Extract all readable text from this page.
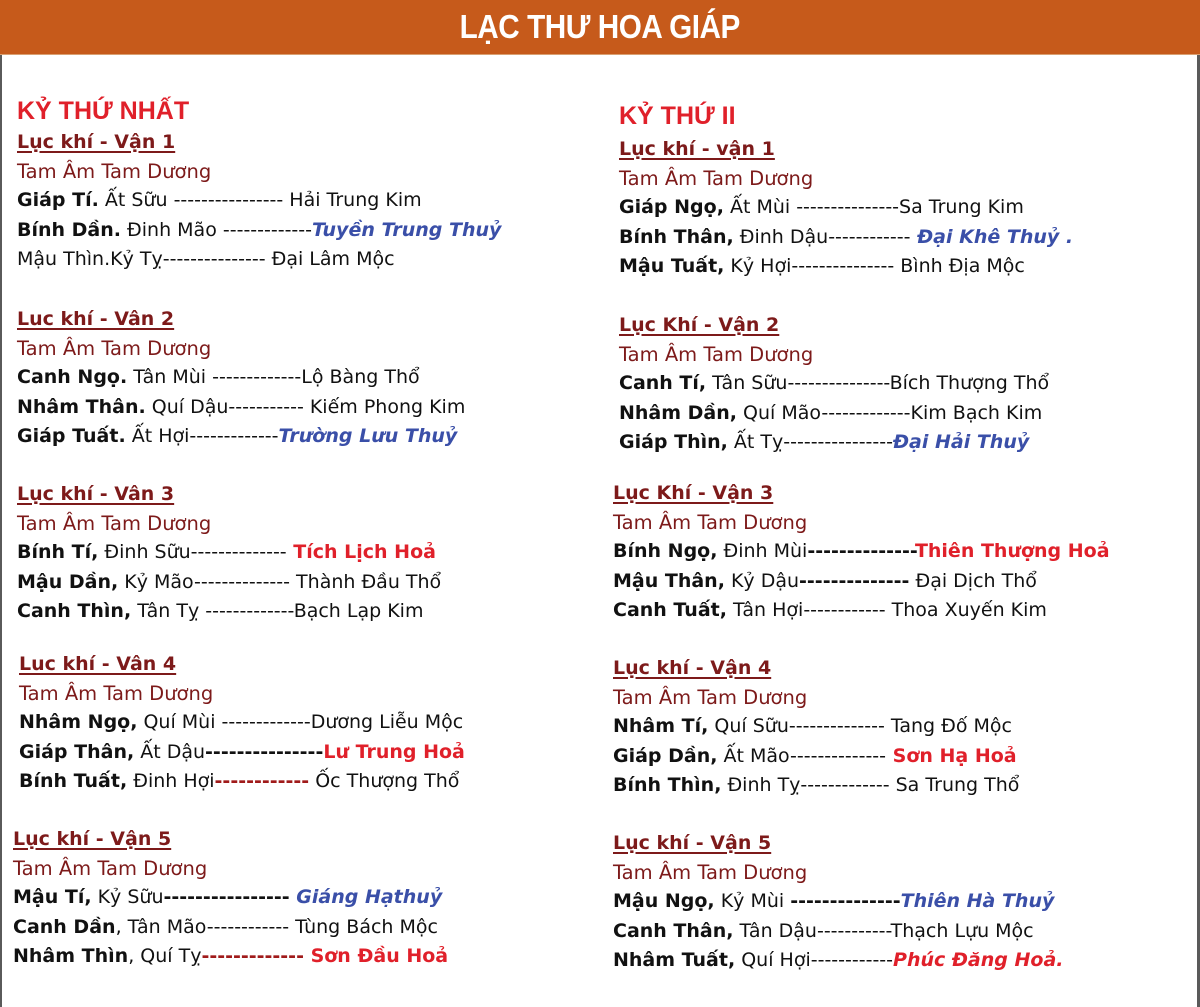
LẠC THƯ HOA GIÁP
KỶ THỨ NHẤT
Lục khí - Vận 1
Tam Âm Tam Dương
Giáp Tí. Ất Sữu ---------------- Hải Trung Kim
Bính Dần. Đinh Mão -------------Tuyền Trung Thuỷ
Mậu Thìn.Kỷ Tỵ--------------- Đại Lâm Mộc
Luc khí - Vân 2
Tam Âm Tam Dương
Canh Ngọ. Tân Mùi -------------Lộ Bàng Thổ
Nhâm Thân. Quí Dậu----------- Kiếm Phong Kim
Giáp Tuất. Ất Hợi-------------Trường Lưu Thuỷ
Lục khí - Vân 3
Tam Âm Tam Dương
Bính Tí, Đinh Sữu-------------- Tích Lịch Hoả
Mậu Dần, Kỷ Mão-------------- Thành Đầu Thổ
Canh Thìn, Tân Tỵ -------------Bạch Lạp Kim
Luc khí - Vân 4
Tam Âm Tam Dương
Nhâm Ngọ, Quí Mùi -------------Dương Liễu Mộc
Giáp Thân, Ất Dậu---------------Lư Trung Hoả
Bính Tuất, Đinh Hợi------------ Ốc Thượng Thổ
Lục khí - Vận 5
Tam Âm Tam Dương
Mậu Tí, Kỷ Sữu---------------- Giáng Hạthuỷ
Canh Dần, Tân Mão------------ Tùng Bách Mộc
Nhâm Thìn, Quí Tỵ------------- Sơn Đầu Hoả
KỶ THỨ II
Lục khí - vận 1
Tam Âm Tam Dương
Giáp Ngọ, Ất Mùi ---------------Sa Trung Kim
Bính Thân, Đinh Dậu------------ Đại Khê Thuỷ .
Mậu Tuất, Kỷ Hợi--------------- Bình Địa Mộc
Lục Khí - Vận 2
Tam Âm Tam Dương
Canh Tí, Tân Sữu---------------Bích Thượng Thổ
Nhâm Dần, Quí Mão-------------Kim Bạch Kim
Giáp Thìn, Ất Tỵ----------------Đại Hải Thuỷ
Lục Khí - Vận 3
Tam Âm Tam Dương
Bính Ngọ, Đinh Mùi--------------Thiên Thượng Hoả
Mậu Thân, Kỷ Dậu-------------- Đại Dịch Thổ
Canh Tuất, Tân Hợi------------ Thoa Xuyến Kim
Lục khí - Vận 4
Tam Âm Tam Dương
Nhâm Tí, Quí Sữu-------------- Tang Đố Mộc
Giáp Dần, Ất Mão-------------- Sơn Hạ Hoả
Bính Thìn, Đinh Tỵ------------- Sa Trung Thổ
Lục khí - Vận 5
Tam Âm Tam Dương
Mậu Ngọ, Kỷ Mùi --------------Thiên Hà Thuỷ
Canh Thân, Tân Dậu-----------Thạch Lựu Mộc
Nhâm Tuất, Quí Hợi------------Phúc Đăng Hoả.
